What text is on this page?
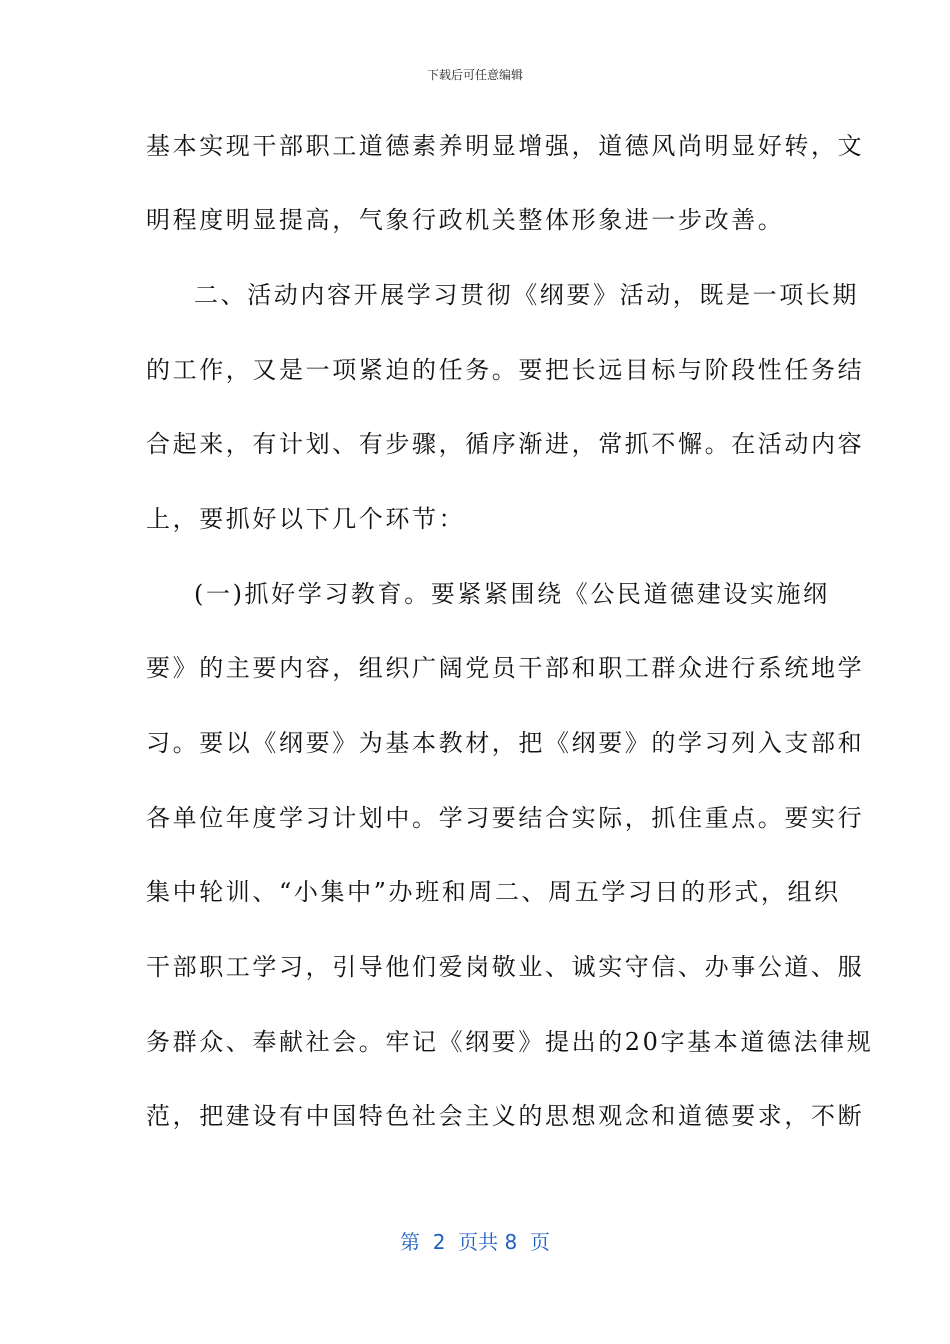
下载后可任意编辑
基本实现干部职工道德素养明显增强，道德风尚明显好转，文
明程度明显提高，气象行政机关整体形象进一步改善。
二、活动内容开展学习贯彻《纲要》活动，既是一项长期
的工作，又是一项紧迫的任务。要把长远目标与阶段性任务结
合起来，有计划、有步骤，循序渐进，常抓不懈。在活动内容
上，要抓好以下几个环节：
(一)抓好学习教育。要紧紧围绕《公民道德建设实施纲
要》的主要内容，组织广阔党员干部和职工群众进行系统地学
习。要以《纲要》为基本教材，把《纲要》的学习列入支部和
各单位年度学习计划中。学习要结合实际，抓住重点。要实行
集中轮训、“小集中”办班和周二、周五学习日的形式，组织
干部职工学习，引导他们爱岗敬业、诚实守信、办事公道、服
务群众、奉献社会。牢记《纲要》提出的20字基本道德法律规
范，把建设有中国特色社会主义的思想观念和道德要求，不断
第  2  页共 8  页
